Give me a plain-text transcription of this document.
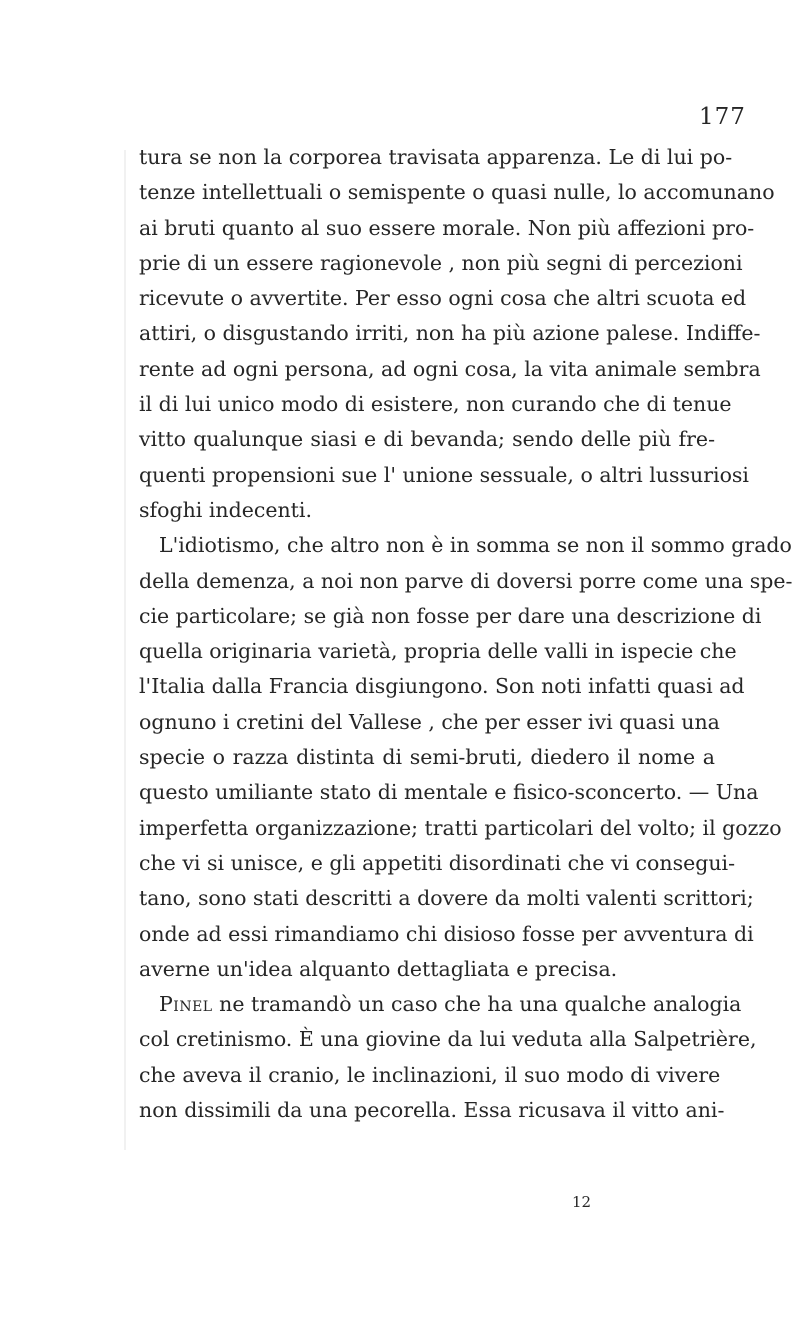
177
tura se non la corporea travisata apparenza. Le di lui po-
tenze intellettuali o semispente o quasi nulle, lo accomunano
ai bruti quanto al suo essere morale. Non più affezioni pro-
prie di un essere ragionevole , non più segni di percezioni
ricevute o avvertite. Per esso ogni cosa che altri scuota ed
attiri, o disgustando irriti, non ha più azione palese. Indiffe-
rente ad ogni persona, ad ogni cosa, la vita animale sembra
il di lui unico modo di esistere, non curando che di tenue
vitto qualunque siasi e di bevanda; sendo delle più fre-
quenti propensioni sue l' unione sessuale, o altri lussuriosi
sfoghi indecenti.
L'idiotismo, che altro non è in somma se non il sommo grado
della demenza, a noi non parve di doversi porre come una spe-
cie particolare; se già non fosse per dare una descrizione di
quella originaria varietà, propria delle valli in ispecie che
l'Italia dalla Francia disgiungono. Son noti infatti quasi ad
ognuno i cretini del Vallese , che per esser ivi quasi una
specie o razza distinta di semi-bruti, diedero il nome a
questo umiliante stato di mentale e fisico-sconcerto. — Una
imperfetta organizzazione; tratti particolari del volto; il gozzo
che vi si unisce, e gli appetiti disordinati che vi consegui-
tano, sono stati descritti a dovere da molti valenti scrittori;
onde ad essi rimandiamo chi disioso fosse per avventura di
averne un'idea alquanto dettagliata e precisa.
Pinel ne tramandò un caso che ha una qualche analogia
col cretinismo. È una giovine da lui veduta alla Salpetrière,
che aveva il cranio, le inclinazioni, il suo modo di vivere
non dissimili da una pecorella. Essa ricusava il vitto ani-
12
